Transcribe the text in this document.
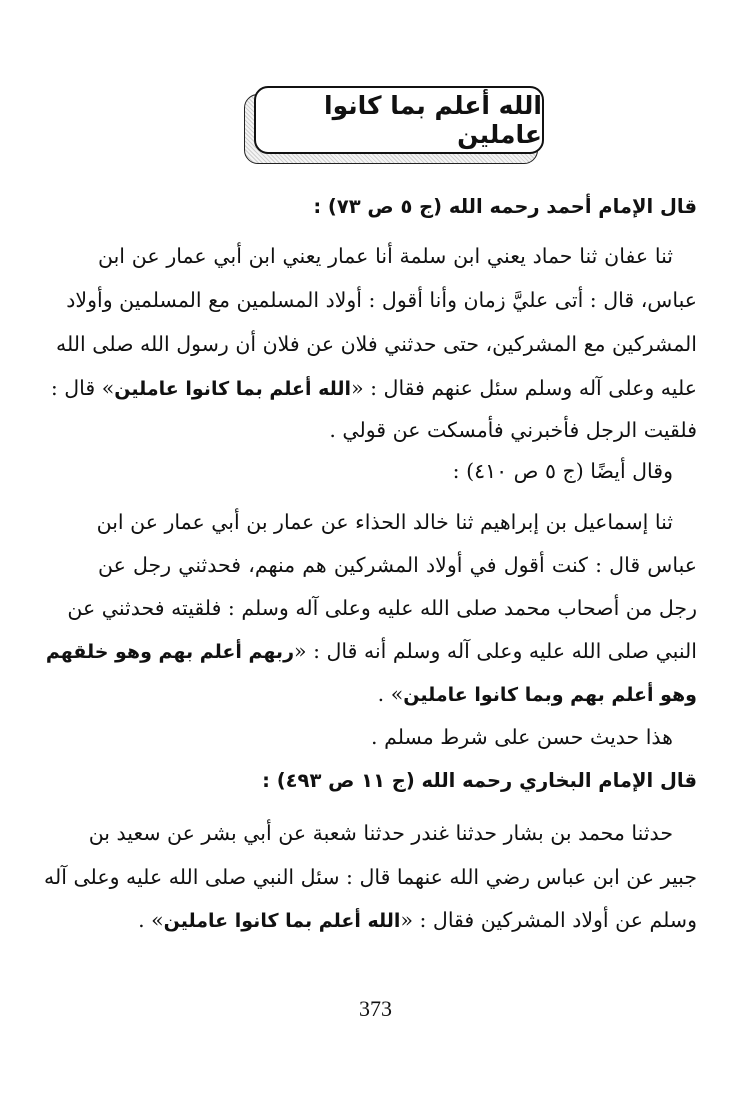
الله أعلم بما كانوا عاملين
قال الإمام أحمد رحمه الله (ج ٥ ص ٧٣) :
ثنا عفان ثنا حماد يعني ابن سلمة أنا عمار يعني ابن أبي عمار عن ابن
عباس، قال : أتى عليَّ زمان وأنا أقول : أولاد المسلمين مع المسلمين وأولاد
المشركين مع المشركين، حتى حدثني فلان عن فلان أن رسول الله صلى الله
عليه وعلى آله وسلم سئل عنهم فقال : «الله أعلم بما كانوا عاملين» قال :
فلقيت الرجل فأخبرني فأمسكت عن قولي .
وقال أيضًا (ج ٥ ص ٤١٠) :
ثنا إسماعيل بن إبراهيم ثنا خالد الحذاء عن عمار بن أبي عمار عن ابن
عباس قال : كنت أقول في أولاد المشركين هم منهم، فحدثني رجل عن
رجل من أصحاب محمد صلى الله عليه وعلى آله وسلم : فلقيته فحدثني عن
النبي صلى الله عليه وعلى آله وسلم أنه قال : «ربهم أعلم بهم وهو خلقهم
وهو أعلم بهم وبما كانوا عاملين» .
هذا حديث حسن على شرط مسلم .
قال الإمام البخاري رحمه الله (ج ١١ ص ٤٩٣) :
حدثنا محمد بن بشار حدثنا غندر حدثنا شعبة عن أبي بشر عن سعيد بن
جبير عن ابن عباس رضي الله عنهما قال : سئل النبي صلى الله عليه وعلى آله
وسلم عن أولاد المشركين فقال : «الله أعلم بما كانوا عاملين» .
373
